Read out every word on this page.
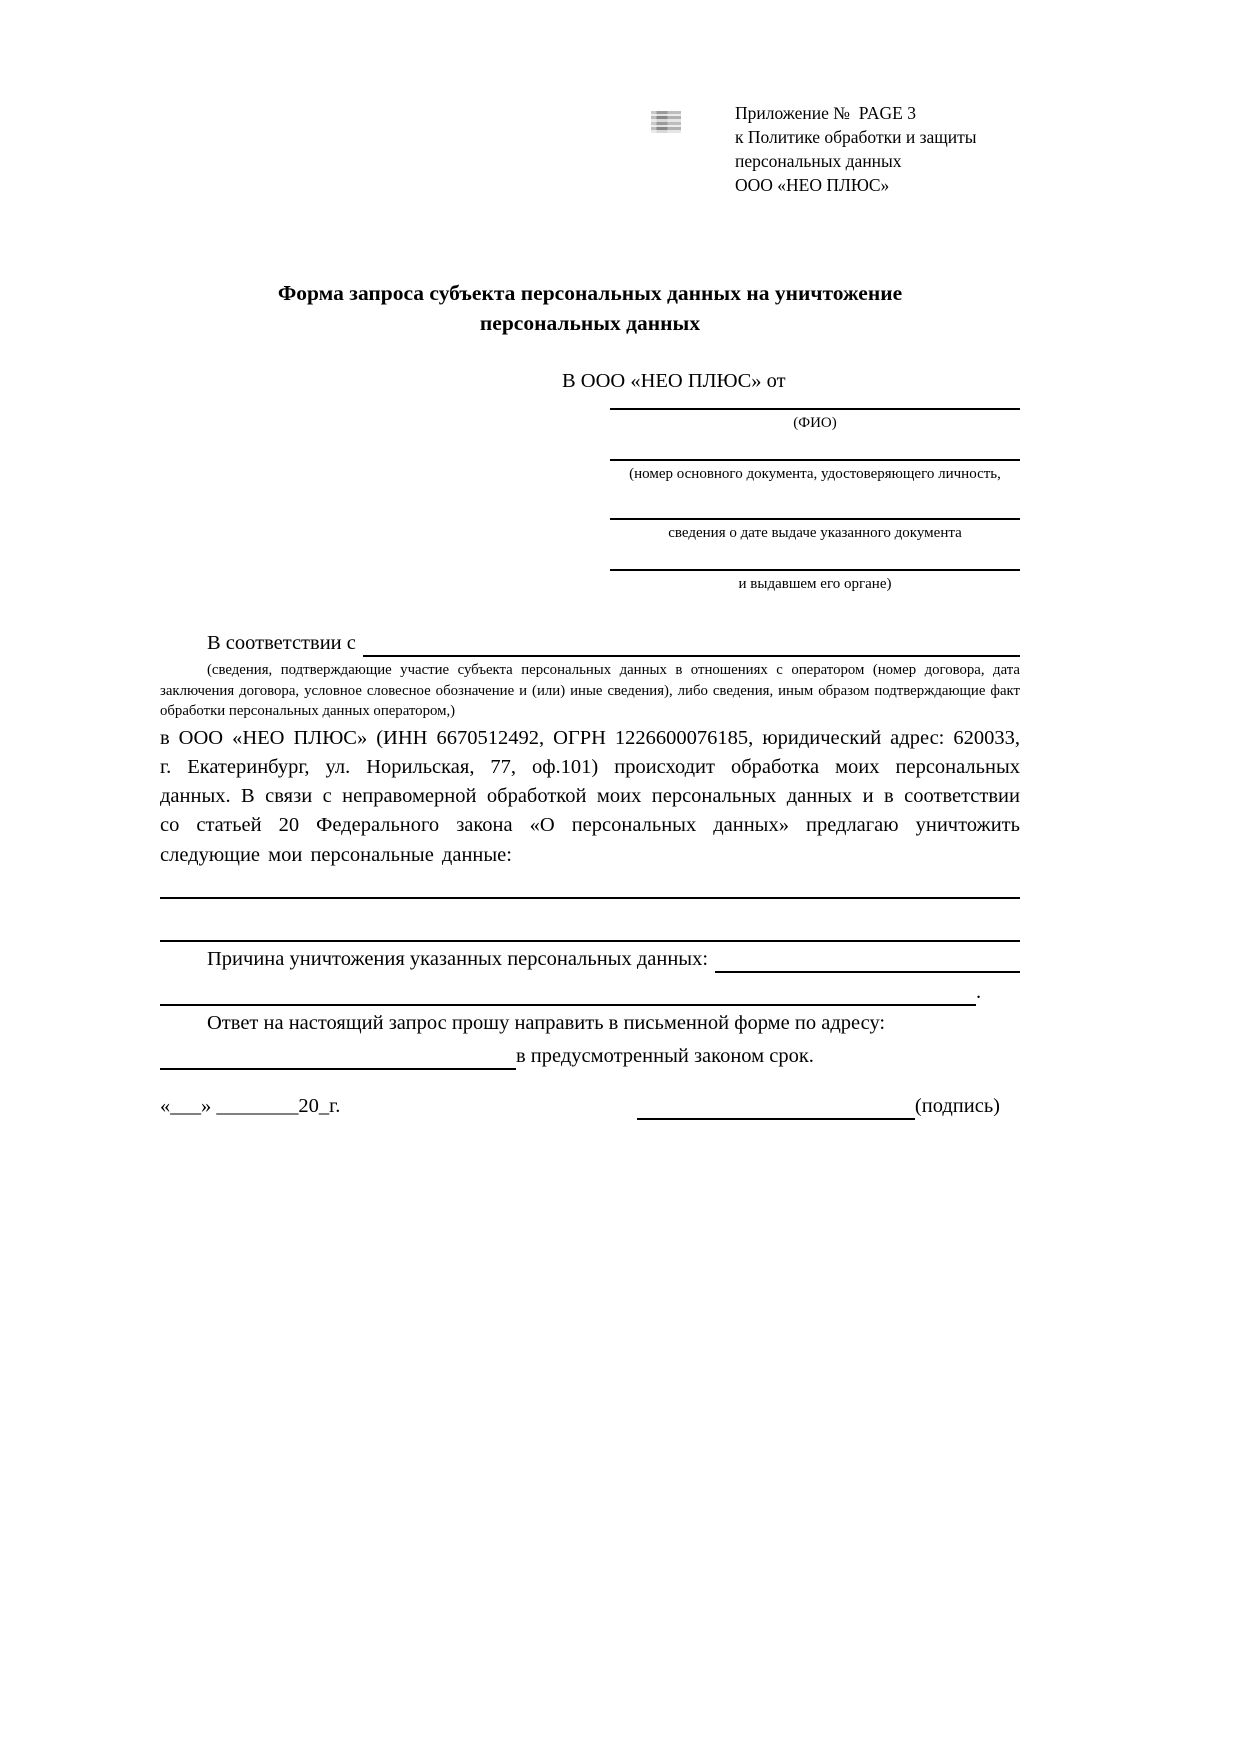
Приложение №  PAGE 3
к Политике обработки и защиты
персональных данных
ООО «НЕО ПЛЮС»
Форма запроса субъекта персональных данных на уничтожение
персональных данных
В ООО «НЕО ПЛЮС» от
(ФИО)
(номер основного документа, удостоверяющего личность,
сведения о дате выдаче указанного документа
и выдавшем его органе)
В соответствии с
(сведения, подтверждающие участие субъекта персональных данных в отношениях с оператором (номер договора, дата заключения договора, условное словесное обозначение и (или) иные сведения), либо сведения, иным образом подтверждающие факт обработки персональных данных оператором,)
в ООО «НЕО ПЛЮС» (ИНН 6670512492, ОГРН 1226600076185, юридический адрес: 620033, г. Екатеринбург, ул. Норильская, 77, оф.101) происходит обработка моих персональных данных. В связи с неправомерной обработкой моих персональных данных и в соответствии со статьей 20 Федерального закона «О персональных данных» предлагаю уничтожить следующие мои персональные данные:
Причина уничтожения указанных персональных данных:
.
Ответ на настоящий запрос прошу направить в письменной форме по адресу:
в предусмотренный законом срок.
«___» ________20_г.	(подпись)
